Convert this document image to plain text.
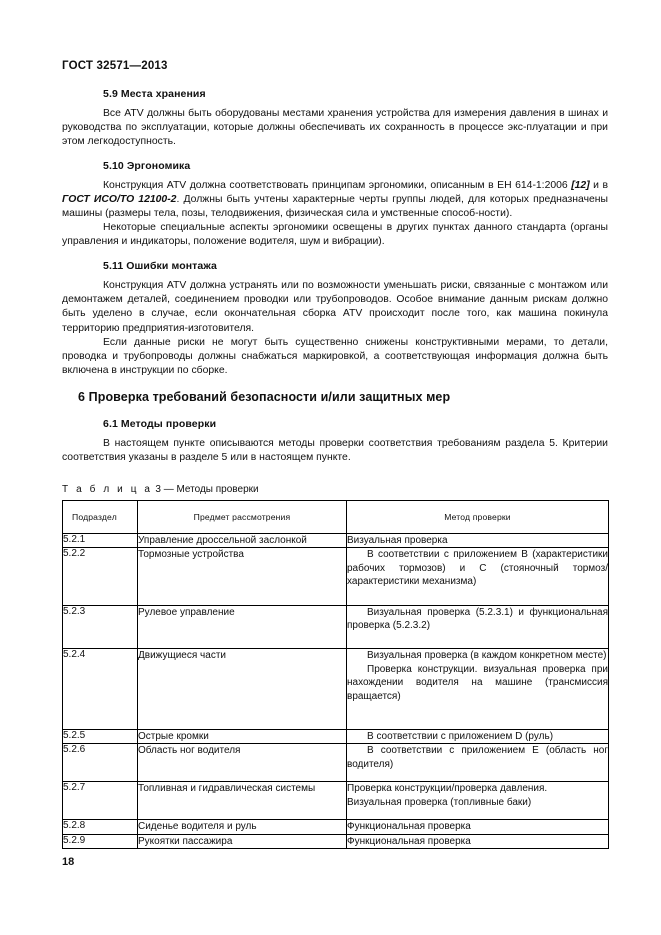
ГОСТ 32571—2013
5.9 Места хранения

Все ATV должны быть оборудованы местами хранения устройства для измерения давления в шинах и руководства по эксплуатации, которые должны обеспечивать их сохранность в процессе экс-плуатации и при этом легкодоступность.

5.10 Эргономика

Конструкция ATV должна соответствовать принципам эргономики, описанным в ЕН 614-1:2006 [12] и в ГОСТ ИСО/ТО 12100-2. Должны быть учтены характерные черты группы людей, для которых предназначены машины (размеры тела, позы, телодвижения, физическая сила и умственные способ-ности).

Некоторые специальные аспекты эргономики освещены в других пунктах данного стандарта (органы управления и индикаторы, положение водителя, шум и вибрации).

5.11 Ошибки монтажа

Конструкция ATV должна устранять или по возможности уменьшать риски, связанные с монтажом или демонтажем деталей, соединением проводки или трубопроводов. Особое внимание данным рискам должно быть уделено в случае, если окончательная сборка ATV происходит после того, как машина покинула территорию предприятия-изготовителя.

Если данные риски не могут быть существенно снижены конструктивными мерами, то детали, проводка и трубопроводы должны снабжаться маркировкой, а соответствующая информация должна быть включена в инструкции по сборке.

6 Проверка требований безопасности и/или защитных мер
6.1 Методы проверки

В настоящем пункте описываются методы проверки соответствия требованиям раздела 5. Критерии соответствия указаны в разделе 5 или в настоящем пункте.

Т а б л и ц а 3 — Методы проверки
Подраздел	Предмет рассмотрения	Метод проверки
5.2.1	Управление дроссельной заслонкой	Визуальная проверка

5.2.2	Тормозные устройства	В соответствии с приложением В (характеристики рабочих тормозов) и С (стояночный тормоз/характеристики механизма)

5.2.3	Рулевое управление	Визуальная проверка (5.2.3.1) и функциональная проверка (5.2.3.2)

5.2.4	Движущиеся части	Визуальная проверка (в каждом конкретном месте)

Проверка конструкции. визуальная проверка при нахождении водителя на машине (трансмиссия вращается)

5.2.5	Острые кромки	В соответствии с приложением D (руль)

5.2.6	Область ног водителя	В соответствии с приложением Е (область ног водителя)

5.2.7	Топливная и гидравлическая системы	Проверка конструкции/проверка давления.

Визуальная проверка (топливные баки)

5.2.8	Сиденье водителя и руль	Функциональная проверка

5.2.9	Рукоятки пассажира	Функциональная проверка

18
